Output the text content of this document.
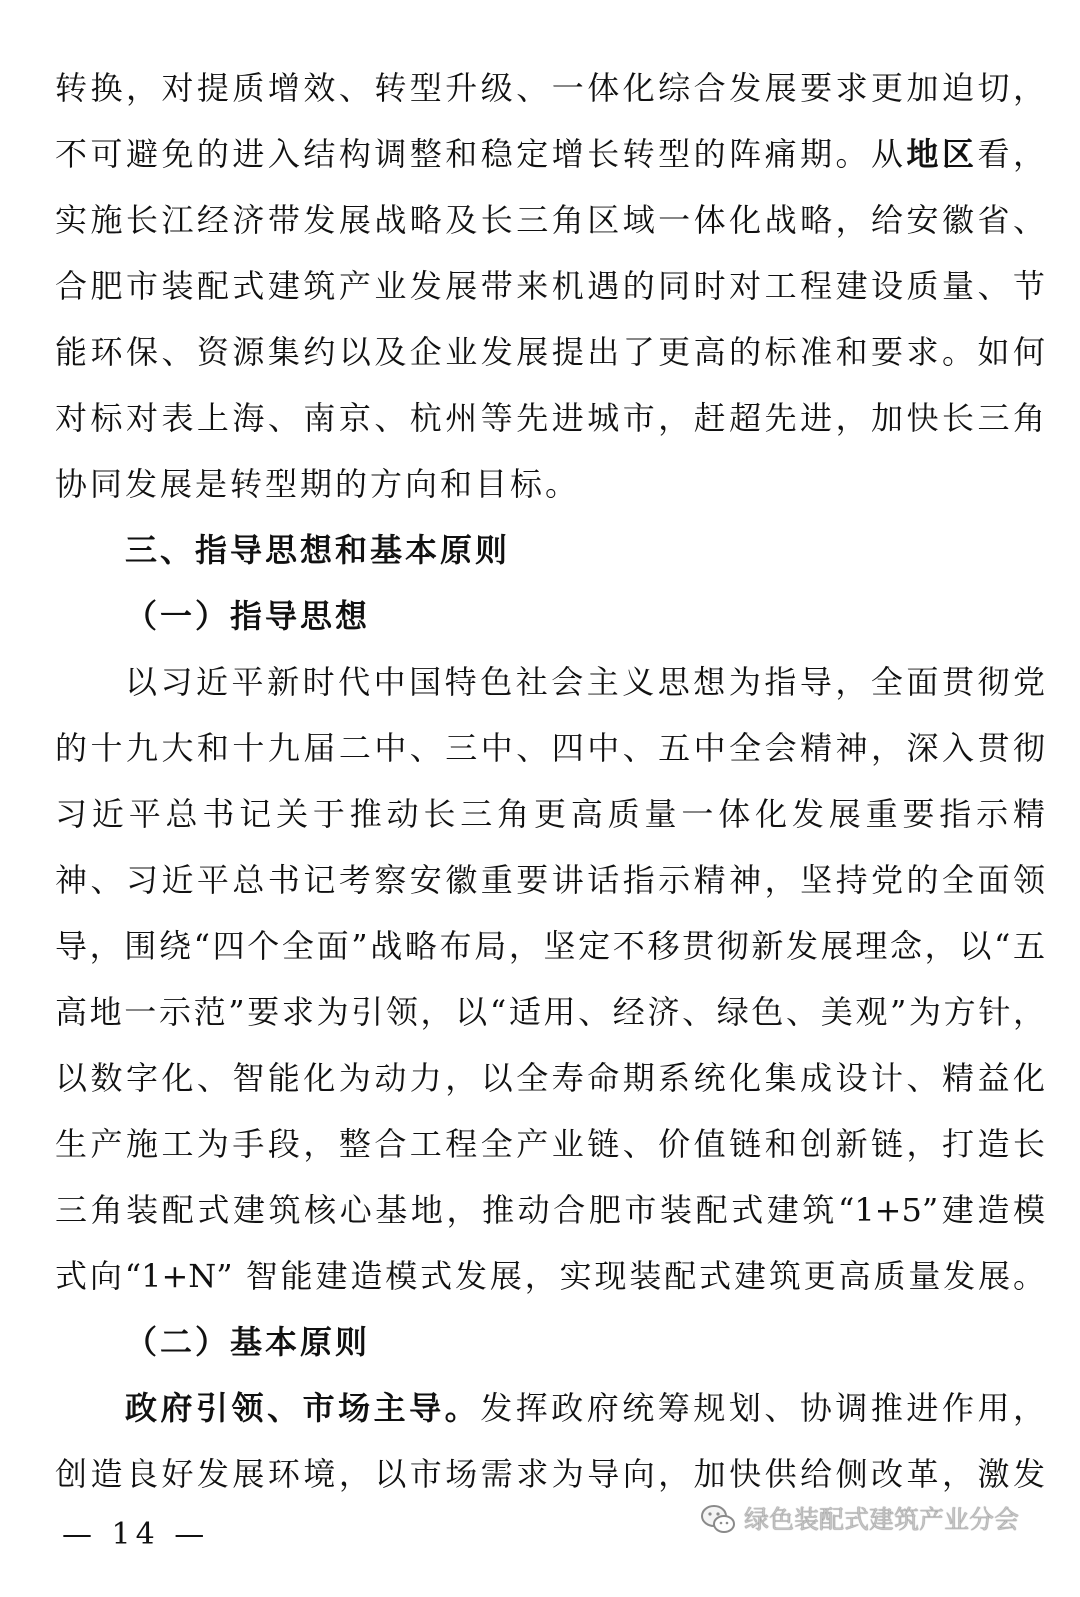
转换，对提质增效、转型升级、一体化综合发展要求更加迫切，
不可避免的进入结构调整和稳定增长转型的阵痛期。从地区看，
实施长江经济带发展战略及长三角区域一体化战略，给安徽省、
合肥市装配式建筑产业发展带来机遇的同时对工程建设质量、节
能环保、资源集约以及企业发展提出了更高的标准和要求。如何
对标对表上海、南京、杭州等先进城市，赶超先进，加快长三角
协同发展是转型期的方向和目标。
三、指导思想和基本原则
（一）指导思想
以习近平新时代中国特色社会主义思想为指导，全面贯彻党
的十九大和十九届二中、三中、四中、五中全会精神，深入贯彻
习近平总书记关于推动长三角更高质量一体化发展重要指示精
神、习近平总书记考察安徽重要讲话指示精神，坚持党的全面领
导，围绕“四个全面”战略布局，坚定不移贯彻新发展理念，以“五
高地一示范”要求为引领，以“适用、经济、绿色、美观”为方针，
以数字化、智能化为动力，以全寿命期系统化集成设计、精益化
生产施工为手段，整合工程全产业链、价值链和创新链，打造长
三角装配式建筑核心基地，推动合肥市装配式建筑“1+5”建造模
式向“1+N” 智能建造模式发展，实现装配式建筑更高质量发展。
（二）基本原则
政府引领、市场主导。发挥政府统筹规划、协调推进作用，
创造良好发展环境，以市场需求为导向，加快供给侧改革，激发
— 14 —	绿色装配式建筑产业分会
